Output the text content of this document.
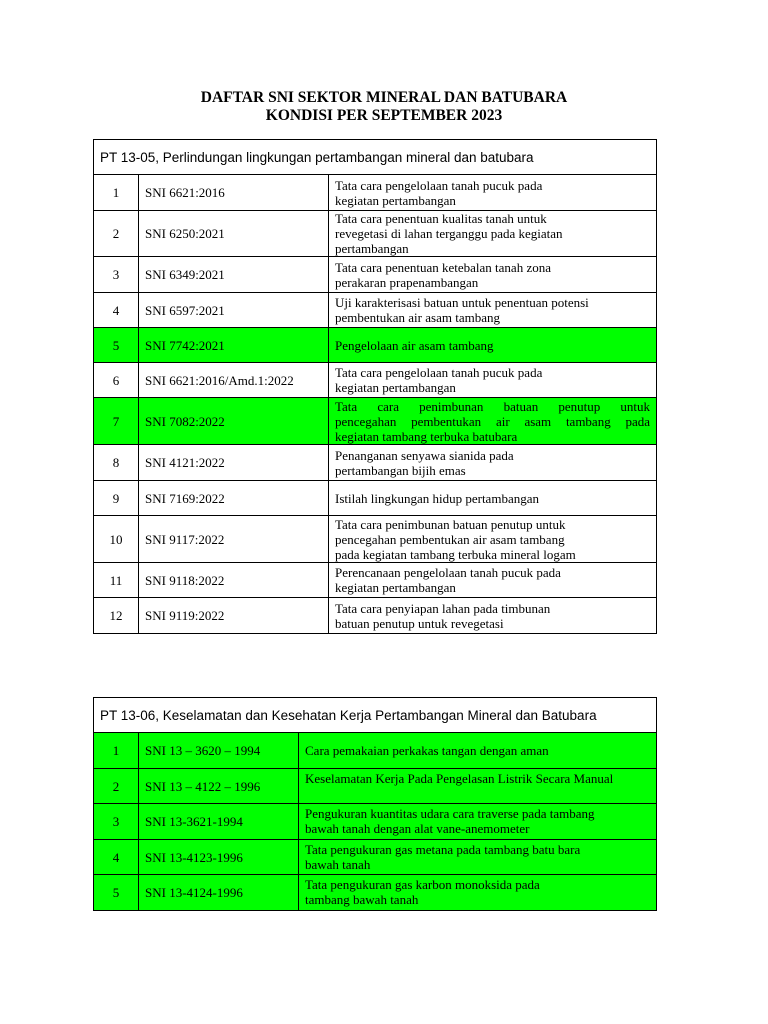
DAFTAR SNI SEKTOR MINERAL DAN BATUBARA
KONDISI PER SEPTEMBER 2023
PT 13-05, Perlindungan lingkungan pertambangan mineral dan batubara		
1	SNI 6621:2016	Tata cara pengelolaan tanah pucuk pada
kegiatan pertambangan

2	SNI 6250:2021	Tata cara penentuan kualitas tanah untuk
revegetasi di lahan terganggu pada kegiatan
pertambangan

3	SNI 6349:2021	Tata cara penentuan ketebalan tanah zona
perakaran prapenambangan

4	SNI 6597:2021	Uji karakterisasi batuan untuk penentuan potensi
pembentukan air asam tambang

5	SNI 7742:2021	Pengelolaan air asam tambang

6	SNI 6621:2016/Amd.1:2022	Tata cara pengelolaan tanah pucuk pada
kegiatan pertambangan

7	SNI 7082:2022	Tata cara penimbunan batuan penutup untuk
pencegahan pembentukan air asam tambang pada
kegiatan tambang terbuka batubara

8	SNI 4121:2022	Penanganan senyawa sianida pada
pertambangan bijih emas

9	SNI 7169:2022	Istilah lingkungan hidup pertambangan

10	SNI 9117:2022	Tata cara penimbunan batuan penutup untuk
pencegahan pembentukan air asam tambang
pada kegiatan tambang terbuka mineral logam

11	SNI 9118:2022	Perencanaan pengelolaan tanah pucuk pada
kegiatan pertambangan

12	SNI 9119:2022	Tata cara penyiapan lahan pada timbunan
batuan penutup untuk revegetasi
PT 13-06, Keselamatan dan Kesehatan Kerja Pertambangan Mineral dan Batubara		
1	SNI 13 – 3620 – 1994	Cara pemakaian perkakas tangan dengan aman

2	SNI 13 – 4122 – 1996	Keselamatan Kerja Pada Pengelasan Listrik Secara Manual

3	SNI 13-3621-1994	Pengukuran kuantitas udara cara traverse pada tambang
bawah tanah dengan alat vane-anemometer

4	SNI 13-4123-1996	Tata pengukuran gas metana pada tambang batu bara
bawah tanah

5	SNI 13-4124-1996	Tata pengukuran gas karbon monoksida pada
tambang bawah tanah
